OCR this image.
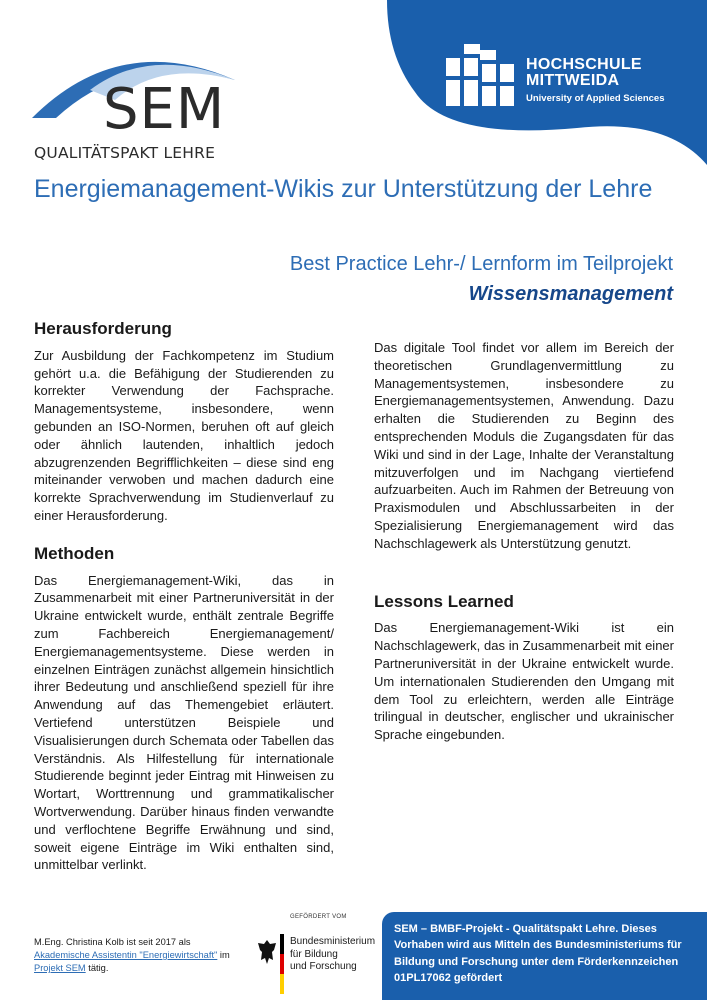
SEM
QUALITÄTSPAKT LEHRE
HOCHSCHULE
MITTWEIDA
University of Applied Sciences
Energiemanagement-Wikis zur Unterstützung der Lehre
Best Practice Lehr-/ Lernform im Teilprojekt
Wissensmanagement
Herausforderung

Zur Ausbildung der Fachkompetenz im Studium gehört u.a. die Befähigung der Studierenden zu korrekter Verwendung der Fachsprache. Managementsysteme, insbesondere, wenn gebunden an ISO-Normen, beruhen oft auf gleich oder ähnlich lautenden, inhaltlich jedoch abzugrenzenden Begrifflichkeiten – diese sind eng miteinander verwoben und machen dadurch eine korrekte Sprachverwendung im Studienverlauf zu einer Herausforderung.

Methoden

Das Energiemanagement-Wiki, das in Zusammenarbeit mit einer Partneruniversität in der Ukraine entwickelt wurde, enthält zentrale Begriffe zum Fachbereich Energiemanagement/ Energiemanagementsysteme. Diese werden in einzelnen Einträgen zunächst allgemein hinsichtlich ihrer Bedeutung und anschließend speziell für ihre Anwendung auf das Themengebiet erläutert. Vertiefend unterstützen Beispiele und Visualisierungen durch Schemata oder Tabellen das Verständnis. Als Hilfestellung für internationale Studierende beginnt jeder Eintrag mit Hinweisen zu Wortart, Worttrennung und grammatikalischer Wortverwendung. Darüber hinaus finden verwandte und verflochtene Begriffe Erwähnung und sind, soweit eigene Einträge im Wiki enthalten sind, unmittelbar verlinkt.

Das digitale Tool findet vor allem im Bereich der theoretischen Grundlagenvermittlung zu Managementsystemen, insbesondere zu Energiemanagementsystemen, Anwendung. Dazu erhalten die Studierenden zu Beginn des entsprechenden Moduls die Zugangsdaten für das Wiki und sind in der Lage, Inhalte der Veranstaltung mitzuverfolgen und im Nachgang viertiefend aufzuarbeiten. Auch im Rahmen der Betreuung von Praxismodulen und Abschlussarbeiten in der Spezialisierung Energiemanagement wird das Nachschlagewerk als Unterstützung genutzt.

Lessons Learned

Das Energiemanagement-Wiki ist ein Nachschlagewerk, das in Zusammenarbeit mit einer Partneruniversität in der Ukraine entwickelt wurde. Um internationalen Studierenden den Umgang mit dem Tool zu erleichtern, werden alle Einträge trilingual in deutscher, englischer und ukrainischer Sprache eingebunden.

M.Eng. Christina Kolb ist seit 2017 als Akademische Assistentin "Energiewirtschaft" im Projekt SEM tätig.
GEFÖRDERT VOM
Bundesministerium
für Bildung
und Forschung
SEM – BMBF-Projekt - Qualitätspakt Lehre. Dieses Vorhaben wird aus Mitteln des Bundesministeriums für Bildung und Forschung unter dem Förderkennzeichen 01PL17062 gefördert
